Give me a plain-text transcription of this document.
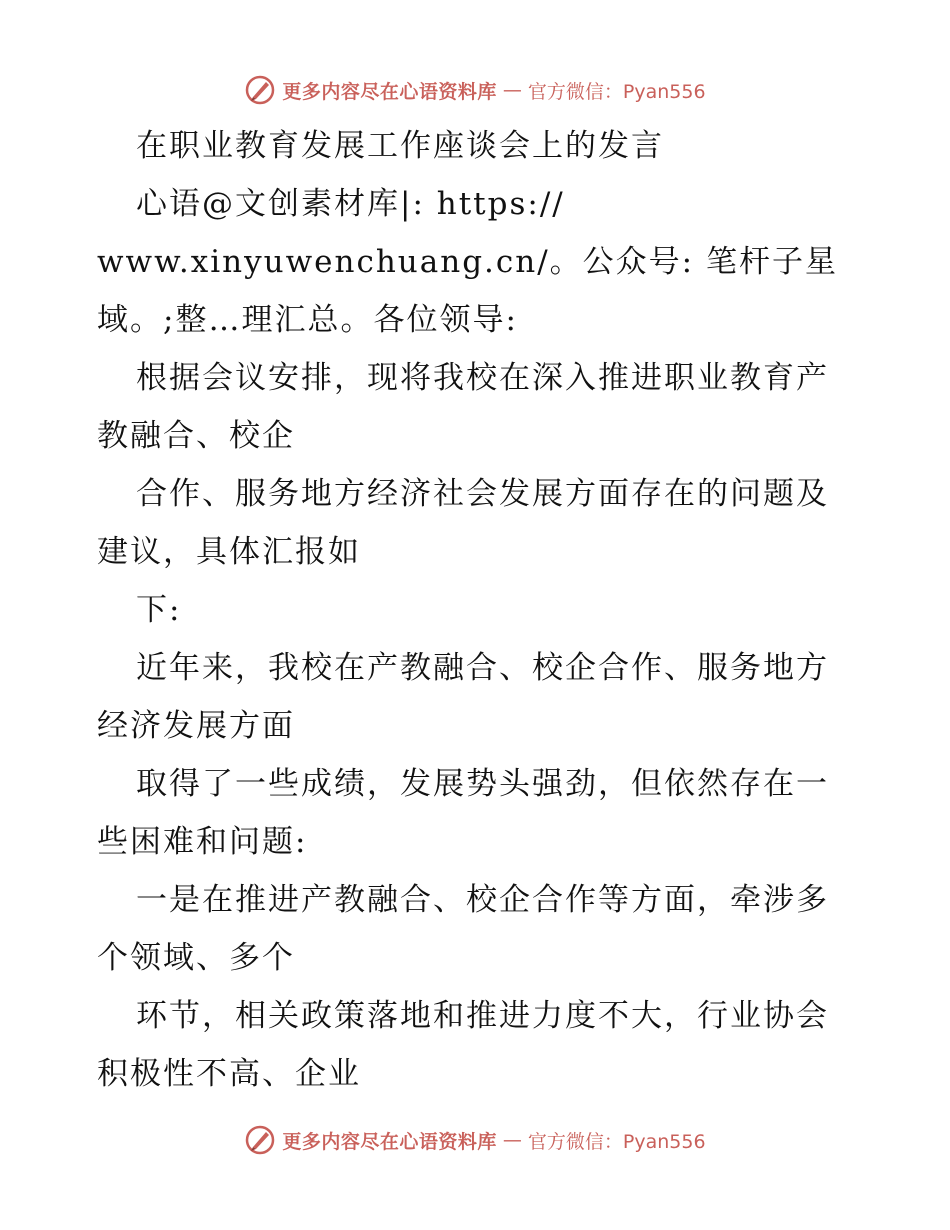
更多内容尽在心语资料库 — 官方微信：Pyan556
在职业教育发展工作座谈会上的发言
心语@文创素材库|: https://
www.xinyuwenchuang.cn/。公众号: 笔杆子星
域。;整…理汇总。各位领导:
根据会议安排，现将我校在深入推进职业教育产
教融合、校企
合作、服务地方经济社会发展方面存在的问题及
建议，具体汇报如
下:
近年来，我校在产教融合、校企合作、服务地方
经济发展方面
取得了一些成绩，发展势头强劲，但依然存在一
些困难和问题:
一是在推进产教融合、校企合作等方面，牵涉多
个领域、多个
环节，相关政策落地和推进力度不大，行业协会
积极性不高、企业
更多内容尽在心语资料库 — 官方微信：Pyan556
